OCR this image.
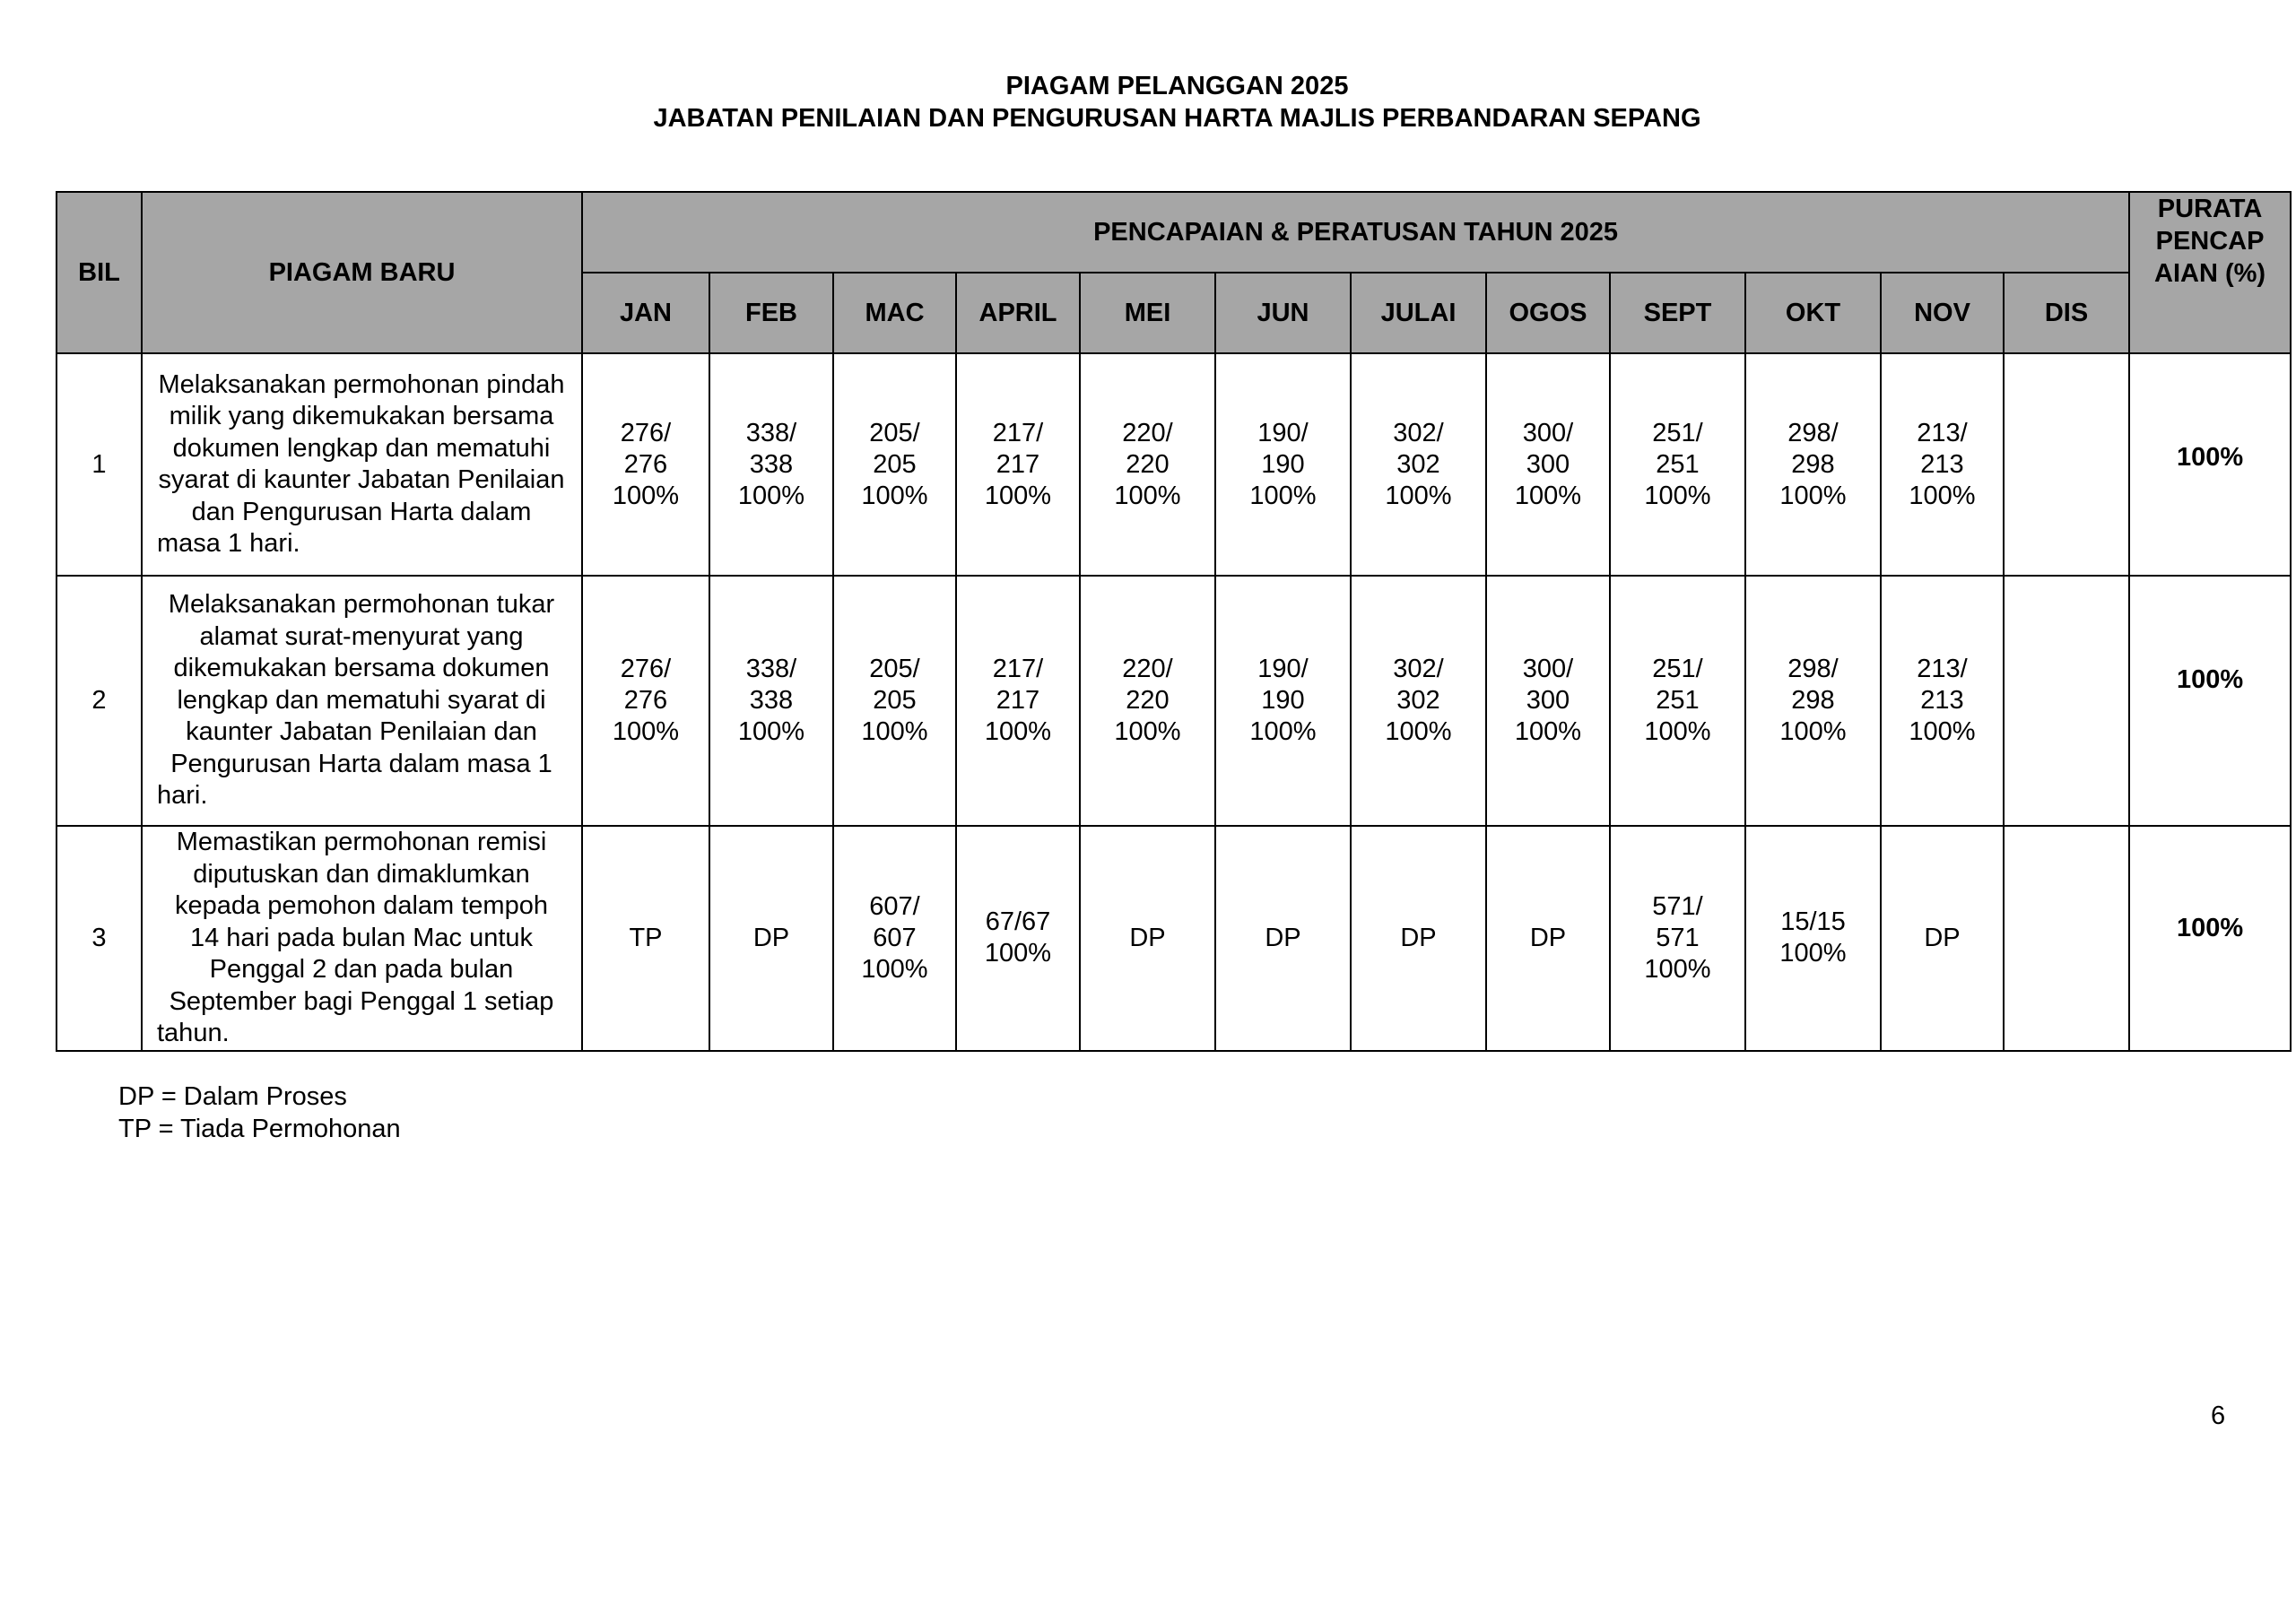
PIAGAM PELANGGAN 2025
JABATAN PENILAIAN DAN PENGURUSAN HARTA MAJLIS PERBANDARAN SEPANG
BIL	PIAGAM BARU	PENCAPAIAN & PERATUSAN TAHUN 2025												PURATA PENCAP AIAN (%)
		JAN	FEB	MAC	APRIL	MEI	JUN	JULAI	OGOS	SEPT	OKT	NOV	DIS	
1	Melaksanakan permohonan pindah milik yang dikemukakan bersama dokumen lengkap dan mematuhi syarat di kaunter Jabatan Penilaian dan Pengurusan Harta dalam masa 1 hari.	276/
276
100%	338/
338
100%	205/
205
100%	217/
217
100%	220/
220
100%	190/
190
100%	302/
302
100%	300/
300
100%	251/
251
100%	298/
298
100%	213/
213
100%		100%
2	Melaksanakan permohonan tukar alamat surat-menyurat yang dikemukakan bersama dokumen lengkap dan mematuhi syarat di kaunter Jabatan Penilaian dan Pengurusan Harta dalam masa 1 hari.	276/
276
100%	338/
338
100%	205/
205
100%	217/
217
100%	220/
220
100%	190/
190
100%	302/
302
100%	300/
300
100%	251/
251
100%	298/
298
100%	213/
213
100%		100%
3	Memastikan permohonan remisi diputuskan dan dimaklumkan kepada pemohon dalam tempoh 14 hari pada bulan Mac untuk Penggal 2 dan pada bulan September bagi Penggal 1 setiap tahun.	TP	DP	607/
607
100%	67/67
100%	DP	DP	DP	DP	571/
571
100%	15/15
100%	DP		100%
DP = Dalam Proses
TP = Tiada Permohonan
6
